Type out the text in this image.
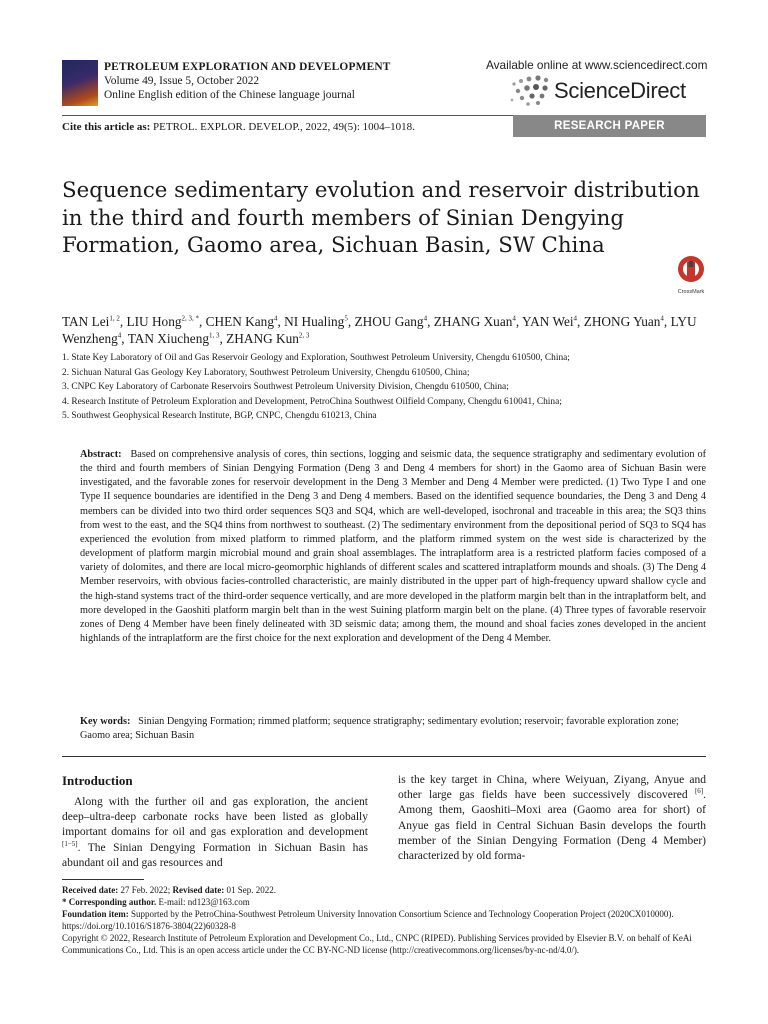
PETROLEUM EXPLORATION AND DEVELOPMENT
Volume 49, Issue 5, October 2022
Online English edition of the Chinese language journal
Available online at www.sciencedirect.com
ScienceDirect
Cite this article as: PETROL. EXPLOR. DEVELOP., 2022, 49(5): 1004–1018.	RESEARCH PAPER
Sequence sedimentary evolution and reservoir distribution in the third and fourth members of Sinian Dengying Formation, Gaomo area, Sichuan Basin, SW China
CrossMark
TAN Lei$^{1, 2}$, LIU Hong$^{2, 3, *}$, CHEN Kang$^4$, NI Hualing$^5$, ZHOU Gang$^4$, ZHANG Xuan$^4$, YAN Wei$^4$, ZHONG Yuan$^4$, LYU Wenzheng$^4$, TAN Xiucheng$^{1, 3}$, ZHANG Kun$^{2, 3}$
1. State Key Laboratory of Oil and Gas Reservoir Geology and Exploration, Southwest Petroleum University, Chengdu 610500, China;
2. Sichuan Natural Gas Geology Key Laboratory, Southwest Petroleum University, Chengdu 610500, China;
3. CNPC Key Laboratory of Carbonate Reservoirs Southwest Petroleum University Division, Chengdu 610500, China;
4. Research Institute of Petroleum Exploration and Development, PetroChina Southwest Oilfield Company, Chengdu 610041, China;
5. Southwest Geophysical Research Institute, BGP, CNPC, Chengdu 610213, China
Abstract: Based on comprehensive analysis of cores, thin sections, logging and seismic data, the sequence stratigraphy and sedimentary evolution of the third and fourth members of Sinian Dengying Formation (Deng 3 and Deng 4 members for short) in the Gaomo area of Sichuan Basin were investigated, and the favorable zones for reservoir development in the Deng 3 Member and Deng 4 Member were predicted. (1) Two Type I and one Type II sequence boundaries are identified in the Deng 3 and Deng 4 members. Based on the identified sequence boundaries, the Deng 3 and Deng 4 members can be divided into two third order sequences SQ3 and SQ4, which are well-developed, isochronal and traceable in this area; the SQ3 thins from west to the east, and the SQ4 thins from northwest to southeast. (2) The sedimentary environment from the depositional period of SQ3 to SQ4 has experienced the evolution from mixed platform to rimmed platform, and the platform rimmed system on the west side is characterized by the development of platform margin microbial mound and grain shoal assemblages. The intraplatform area is a restricted platform facies composed of a variety of dolomites, and there are local micro-geomorphic highlands of different scales and scattered intraplatform mounds and shoals. (3) The Deng 4 Member reservoirs, with obvious facies-controlled characteristic, are mainly distributed in the upper part of high-frequency upward shallow cycle and the high-stand systems tract of the third-order sequence vertically, and are more developed in the platform margin belt than in the intraplatform belt, and more developed in the Gaoshiti platform margin belt than in the west Suining platform margin belt on the plane. (4) Three types of favorable reservoir zones of Deng 4 Member have been finely delineated with 3D seismic data; among them, the mound and shoal facies zones developed in the ancient highlands of the intraplatform are the first choice for the next exploration and development of the Deng 4 Member.
Key words: Sinian Dengying Formation; rimmed platform; sequence stratigraphy; sedimentary evolution; reservoir; favorable exploration zone; Gaomo area; Sichuan Basin
Introduction
Along with the further oil and gas exploration, the ancient deep–ultra-deep carbonate rocks have been listed as globally important domains for oil and gas exploration and development [1−5]. The Sinian Dengying Formation in Sichuan Basin has abundant oil and gas resources and
is the key target in China, where Weiyuan, Ziyang, Anyue and other large gas fields have been successively discovered [6]. Among them, Gaoshiti–Moxi area (Gaomo area for short) of Anyue gas field in Central Sichuan Basin develops the fourth member of the Sinian Dengying Formation (Deng 4 Member) characterized by old forma-
Received date: 27 Feb. 2022; Revised date: 01 Sep. 2022.
* Corresponding author. E-mail: nd123@163.com
Foundation item: Supported by the PetroChina-Southwest Petroleum University Innovation Consortium Science and Technology Cooperation Project (2020CX010000).
https://doi.org/10.1016/S1876-3804(22)60328-8
Copyright © 2022, Research Institute of Petroleum Exploration and Development Co., Ltd., CNPC (RIPED). Publishing Services provided by Elsevier B.V. on behalf of KeAi Communications Co., Ltd. This is an open access article under the CC BY-NC-ND license (http://creativecommons.org/licenses/by-nc-nd/4.0/).
